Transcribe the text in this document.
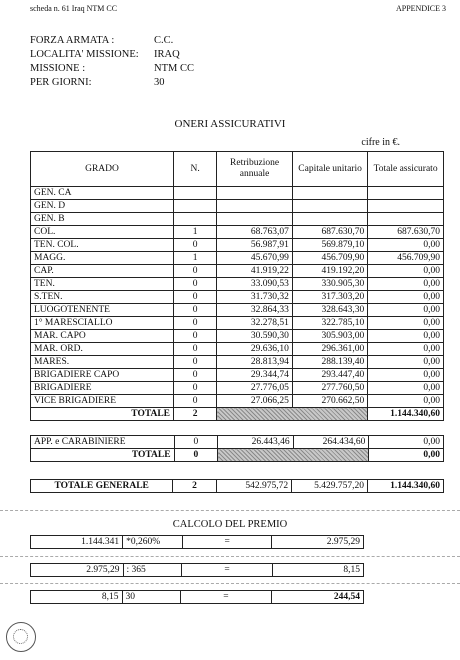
scheda n. 61 Iraq NTM CC	APPENDICE 3
FORZA ARMATA :	C.C.
LOCALITA' MISSIONE:	IRAQ
MISSIONE :	NTM CC
PER GIORNI:	30
ONERI ASSICURATIVI
cifre in €.
GRADO	N.	Retribuzione annuale	Capitale unitario	Totale assicurato
GEN. CA				
GEN. D				
GEN. B				
COL.	1	68.763,07	687.630,70	687.630,70
TEN. COL.	0	56.987,91	569.879,10	0,00
MAGG.	1	45.670,99	456.709,90	456.709,90
CAP.	0	41.919,22	419.192,20	0,00
TEN.	0	33.090,53	330.905,30	0,00
S.TEN.	0	31.730,32	317.303,20	0,00
LUOGOTENENTE	0	32.864,33	328.643,30	0,00
1° MARESCIALLO	0	32.278,51	322.785,10	0,00
MAR. CAPO	0	30.590,30	305.903,00	0,00
MAR. ORD.	0	29.636,10	296.361,00	0,00
MARES.	0	28.813,94	288.139,40	0,00
BRIGADIERE CAPO	0	29.344,74	293.447,40	0,00
BRIGADIERE	0	27.776,05	277.760,50	0,00
VICE BRIGADIERE	0	27.066,25	270.662,50	0,00
TOTALE	2			1.144.340,60
APP. e CARABINIERE	0	26.443,46	264.434,60	0,00
TOTALE	0			0,00
TOTALE GENERALE	2	542.975,72	5.429.757,20	1.144.340,60
CALCOLO DEL PREMIO
1.144.341	*0,260%	=	2.975,29
2.975,29	: 365	=	8,15
8,15	30	=	244,54
